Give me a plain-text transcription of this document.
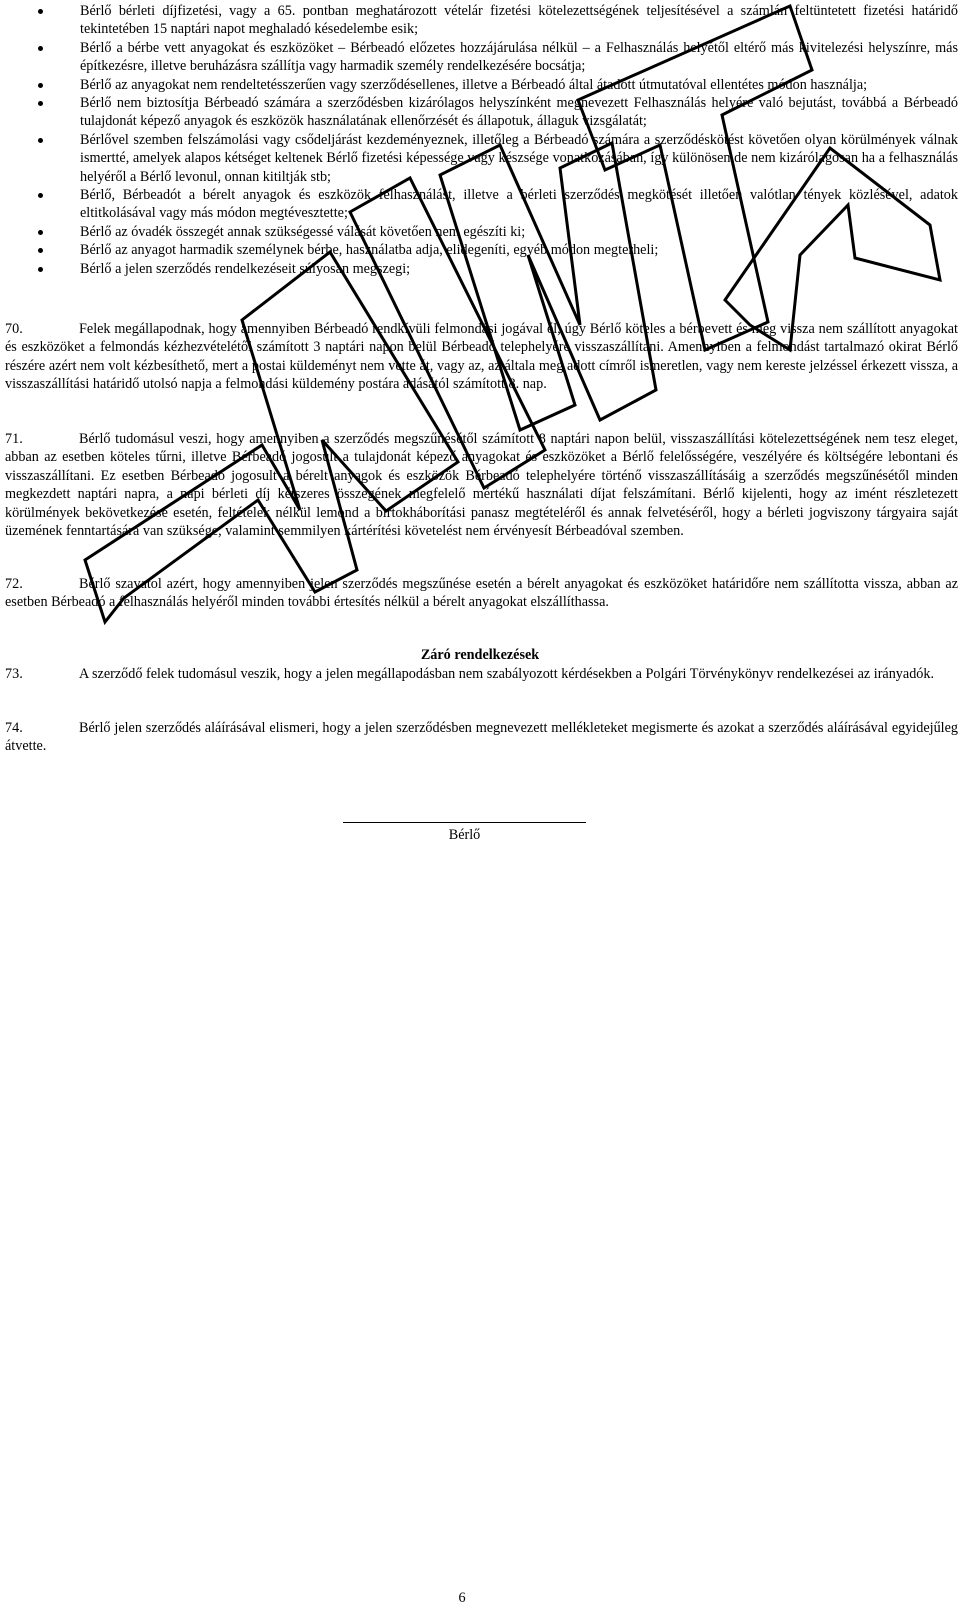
Bérlő bérleti díjfizetési, vagy a 65. pontban meghatározott vételár fizetési kötelezettségének teljesítésével a számlán feltüntetett fizetési határidő tekintetében 15 naptári napot meghaladó késedelembe esik;
Bérlő a bérbe vett anyagokat és eszközöket – Bérbeadó előzetes hozzájárulása nélkül – a Felhasználás helyétől eltérő más kivitelezési helyszínre, más építkezésre, illetve beruházásra szállítja vagy harmadik személy rendelkezésére bocsátja;
Bérlő az anyagokat nem rendeltetésszerűen vagy szerződésellenes, illetve a Bérbeadó által átadott útmutatóval ellentétes módon használja;
Bérlő nem biztosítja Bérbeadó számára a szerződésben kizárólagos helyszínként megnevezett Felhasználás helyére való bejutást, továbbá a Bérbeadó tulajdonát képező anyagok és eszközök használatának ellenőrzését és állapotuk, állaguk vizsgálatát;
Bérlővel szemben felszámolási vagy csődeljárást kezdeményeznek, illetőleg a Bérbeadó számára a szerződéskötést követően olyan körülmények válnak ismertté, amelyek alapos kétséget keltenek Bérlő fizetési képessége vagy készsége vonatkozásában, így különösen de nem kizárólagosan ha a felhasználás helyéről a Bérlő levonul, onnan kitiltják stb;
Bérlő, Bérbeadót a bérelt anyagok és eszközök felhasználást, illetve a bérleti szerződés megkötését illetően valótlan tények közlésével, adatok eltitkolásával vagy más módon megtévesztette;
Bérlő az óvadék összegét annak szükségessé válását követően nem egészíti ki;
Bérlő az anyagot harmadik személynek bérbe, használatba adja, elidegeníti, egyéb módon megterheli;
Bérlő a jelen szerződés rendelkezéseit súlyosan megszegi;

70.	Felek megállapodnak, hogy amennyiben Bérbeadó rendkívüli felmondási jogával él, úgy Bérlő köteles a bérbevett és még vissza nem szállított anyagokat és eszközöket a felmondás kézhezvételétől számított 3 naptári napon belül Bérbeadó telephelyére visszaszállítani. Amennyiben a felmondást tartalmazó okirat Bérlő részére azért nem volt kézbesíthető, mert a postai küldeményt nem vette át, vagy az, az általa meg adott címről ismeretlen, vagy nem kereste jelzéssel érkezett vissza, a visszaszállítási határidő utolsó napja a felmondási küldemény postára adásától számított 8. nap.

71.	Bérlő tudomásul veszi, hogy amennyiben a szerződés megszűnésétől számított 8 naptári napon belül, visszaszállítási kötelezettségének nem tesz eleget, abban az esetben köteles tűrni, illetve Bérbeadó jogosult a tulajdonát képező anyagokat és eszközöket a Bérlő felelősségére, veszélyére és költségére lebontani és visszaszállítani. Ez esetben Bérbeadó jogosult a bérelt anyagok és eszközök Bérbeadó telephelyére történő visszaszállításáig a szerződés megszűnésétől minden megkezdett naptári napra, a napi bérleti díj kétszeres összegének megfelelő mértékű használati díjat felszámítani. Bérlő kijelenti, hogy az imént részletezett körülmények bekövetkezése esetén, feltételek nélkül lemond a birtokháborítási panasz megtételéről és annak felvetéséről, hogy a bérleti jogviszony tárgyaira saját üzemének fenntartására van szüksége, valamint semmilyen kártérítési követelést nem érvényesít Bérbeadóval szemben.

72.	Bérlő szavatol azért, hogy amennyiben jelen szerződés megszűnése esetén a bérelt anyagokat és eszközöket határidőre nem szállította vissza, abban az esetben Bérbeadó a felhasználás helyéről minden további értesítés nélkül a bérelt anyagokat elszállíthassa.

Záró rendelkezések

73.	A szerződő felek tudomásul veszik, hogy a jelen megállapodásban nem szabályozott kérdésekben a Polgári Törvénykönyv rendelkezései az irányadók.

74.	Bérlő jelen szerződés aláírásával elismeri, hogy a jelen szerződésben megnevezett mellékleteket megismerte és azokat a szerződés aláírásával egyidejűleg átvette.

Bérlő
6
